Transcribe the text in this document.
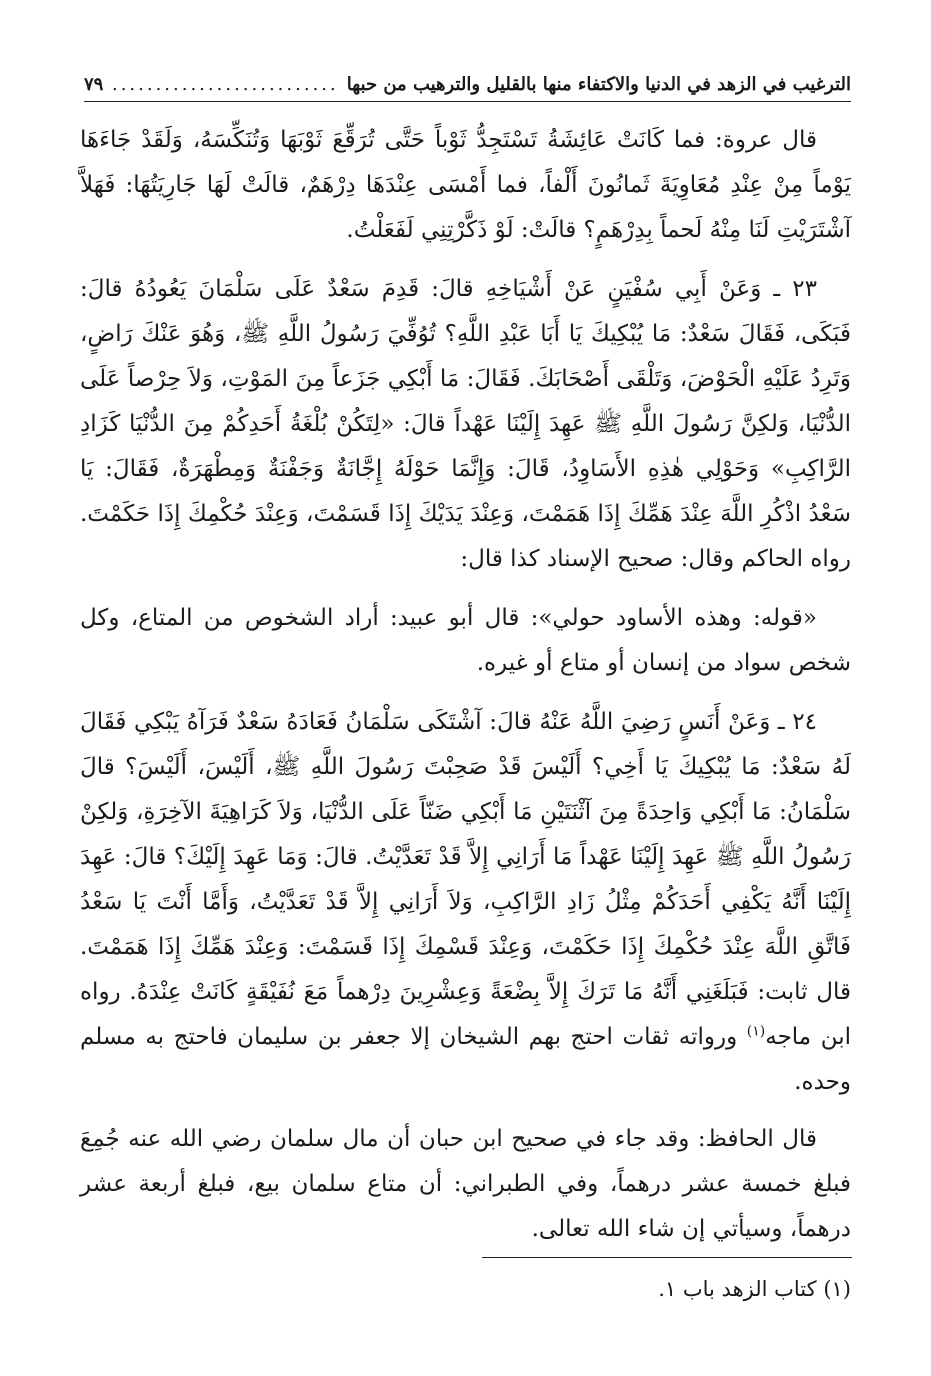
الترغيب في الزهد في الدنيا والاكتفاء منها بالقليل والترهيب من حبها
..........................
٧٩

قال عروة: فما كَانَتْ عَائِشَةُ تَسْتَجِدُّ ثَوْباً حَتَّى تُرَقِّعَ ثَوْبَهَا وَتُنَكِّسَهُ، وَلَقَدْ جَاءَهَا يَوْماً مِنْ عِنْدِ مُعَاوِيَةَ ثَمانُونَ أَلْفاً، فما أَمْسَى عِنْدَهَا دِرْهَمٌ، قالَتْ لَهَا جَارِيَتُهَا: فَهَلاَّ آشْتَرَيْتِ لَنَا مِنْهُ لَحماً بِدِرْهَمٍ؟ قالَتْ: لَوْ ذَكَّرْتِنِي لَفَعَلْتُ.

٢٣ ـ وَعَنْ أَبِي سُفْيَنٍ عَنْ أَشْيَاخِهِ قالَ: قَدِمَ سَعْدٌ عَلَى سَلْمَانَ يَعُودُهُ قالَ: فَبَكَى، فَقَالَ سَعْدٌ: مَا يُبْكِيكَ يَا أَبَا عَبْدِ اللَّهِ؟ تُوُفِّيَ رَسُولُ اللَّهِ ﷺ، وَهُوَ عَنْكَ رَاضٍ، وَتَرِدُ عَلَيْهِ الْحَوْضَ، وَتَلْقَى أَصْحَابَكَ. فَقَالَ: مَا أَبْكِي جَزَعاً مِنَ المَوْتِ، وَلاَ حِرْصاً عَلَى الدُّنْيَا، وَلكِنَّ رَسُولَ اللَّهِ ﷺ عَهِدَ إِلَيْنَا عَهْداً قالَ: «لِتَكُنْ بُلْغَةُ أَحَدِكُمْ مِنَ الدُّنْيَا كَزَادِ الرَّاكِبِ» وَحَوْلِي هٰذِهِ الأَسَاوِدُ، قَالَ: وَإِنَّمَا حَوْلَهُ إِجَّانَةٌ وَجَفْنَةٌ وَمِطْهَرَةٌ، فَقَالَ: يَا سَعْدُ اذْكُرِ اللَّهَ عِنْدَ هَمِّكَ إِذَا هَمَمْتَ، وَعِنْدَ يَدَيْكَ إِذَا قَسَمْتَ، وَعِنْدَ حُكْمِكَ إِذَا حَكَمْتَ. رواه الحاكم وقال: صحيح الإسناد كذا قال:

«قوله: وهذه الأساود حولي»: قال أبو عبيد: أراد الشخوص من المتاع، وكل شخص سواد من إنسان أو متاع أو غيره.

٢٤ ـ وَعَنْ أَنَسٍ رَضِيَ اللَّهُ عَنْهُ قالَ: آشْتَكَى سَلْمَانُ فَعَادَهُ سَعْدٌ فَرَآهُ يَبْكِي فَقَالَ لَهُ سَعْدٌ: مَا يُبْكِيكَ يَا أَخِي؟ أَلَيْسَ قَدْ صَحِبْتَ رَسُولَ اللَّهِ ﷺ، أَلَيْسَ، أَلَيْسَ؟ قالَ سَلْمَانُ: مَا أَبْكِي وَاحِدَةً مِنَ آثْنَتَيْنِ مَا أَبْكِي ضَنّاً عَلَى الدُّنْيَا، وَلاَ كَرَاهِيَةَ الآخِرَةِ، وَلكِنْ رَسُولُ اللَّهِ ﷺ عَهِدَ إِلَيْنَا عَهْداً مَا أَرَانِي إِلاَّ قَدْ تَعَدَّيْتُ. قالَ: وَمَا عَهِدَ إِلَيْكَ؟ قالَ: عَهِدَ إِلَيْنَا أَنَّهُ يَكْفِي أَحَدَكُمْ مِثْلُ زَادِ الرَّاكِبِ، وَلاَ أَرَانِي إِلاَّ قَدْ تَعَدَّيْتُ، وَأَمَّا أَنْتَ يَا سَعْدُ فَاتَّقِ اللَّهَ عِنْدَ حُكْمِكَ إِذَا حَكَمْتَ، وَعِنْدَ قَسْمِكَ إِذَا قَسَمْتَ: وَعِنْدَ هَمِّكَ إِذَا هَمَمْتَ. قال ثابت: فَبَلَغَنِي أَنَّهُ مَا تَرَكَ إِلاَّ بِضْعَةً وَعِشْرِينَ دِرْهماً مَعَ نُفَيْقَةٍ كَانَتْ عِنْدَهُ. رواه ابن ماجه$^{(١)}$ ورواته ثقات احتج بهم الشيخان إلا جعفر بن سليمان فاحتج به مسلم وحده.

قال الحافظ: وقد جاء في صحيح ابن حبان أن مال سلمان رضي الله عنه جُمِعَ فبلغ خمسة عشر درهماً، وفي الطبراني: أن متاع سلمان بيع، فبلغ أربعة عشر درهماً، وسيأتي إن شاء الله تعالى.

(١) كتاب الزهد باب ١.
